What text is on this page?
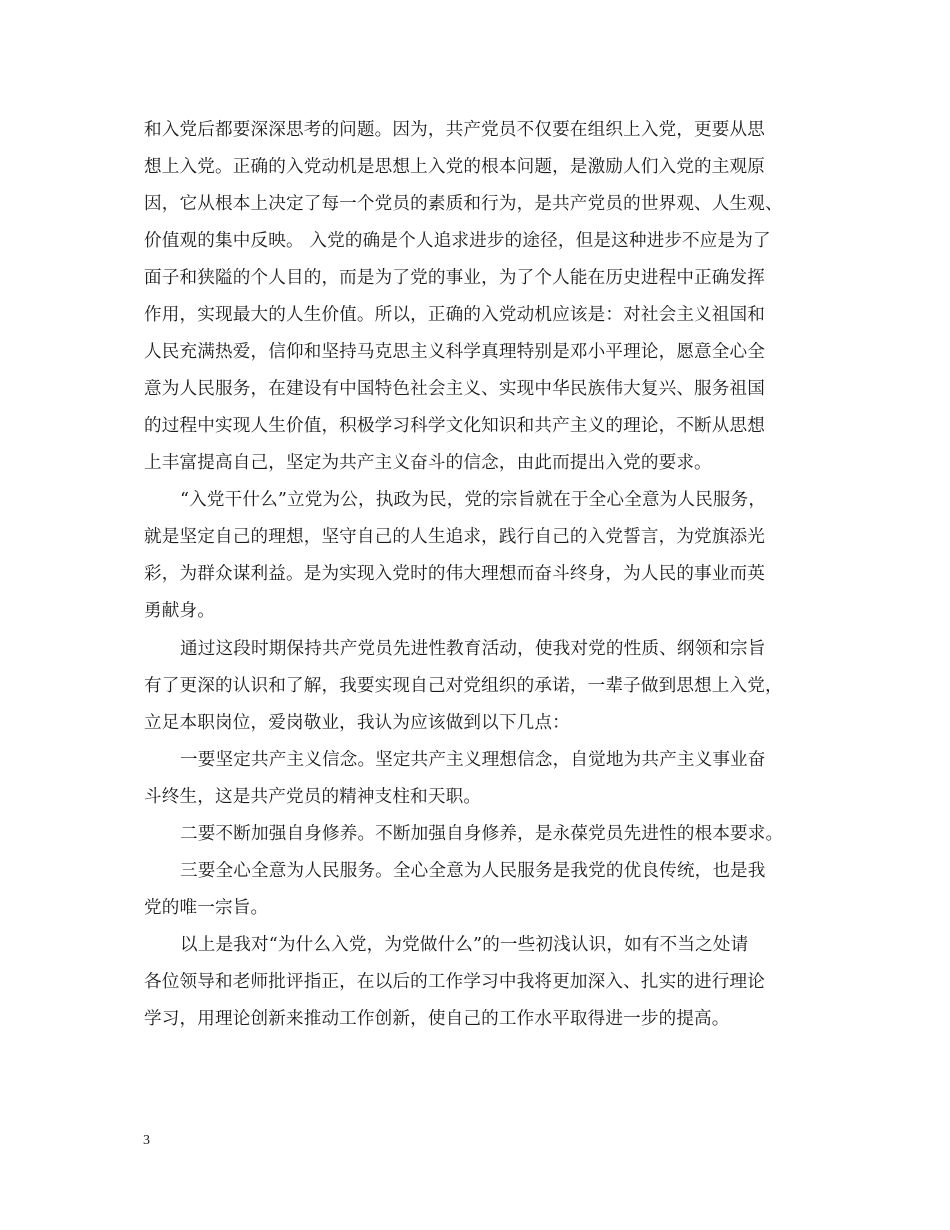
和入党后都要深深思考的问题。因为，共产党员不仅要在组织上入党，更要从思
想上入党。正确的入党动机是思想上入党的根本问题，是激励人们入党的主观原
因，它从根本上决定了每一个党员的素质和行为，是共产党员的世界观、人生观、
价值观的集中反映。 入党的确是个人追求进步的途径，但是这种进步不应是为了
面子和狭隘的个人目的，而是为了党的事业，为了个人能在历史进程中正确发挥
作用，实现最大的人生价值。所以，正确的入党动机应该是：对社会主义祖国和
人民充满热爱，信仰和坚持马克思主义科学真理特别是邓小平理论，愿意全心全
意为人民服务，在建设有中国特色社会主义、实现中华民族伟大复兴、服务祖国
的过程中实现人生价值，积极学习科学文化知识和共产主义的理论，不断从思想
上丰富提高自己，坚定为共产主义奋斗的信念，由此而提出入党的要求。
“入党干什么”立党为公，执政为民，党的宗旨就在于全心全意为人民服务，
就是坚定自己的理想，坚守自己的人生追求，践行自己的入党誓言，为党旗添光
彩，为群众谋利益。是为实现入党时的伟大理想而奋斗终身，为人民的事业而英
勇献身。
通过这段时期保持共产党员先进性教育活动，使我对党的性质、纲领和宗旨
有了更深的认识和了解，我要实现自己对党组织的承诺，一辈子做到思想上入党，
立足本职岗位，爱岗敬业，我认为应该做到以下几点：
一要坚定共产主义信念。坚定共产主义理想信念，自觉地为共产主义事业奋
斗终生，这是共产党员的精神支柱和天职。
二要不断加强自身修养。不断加强自身修养，是永葆党员先进性的根本要求。
三要全心全意为人民服务。全心全意为人民服务是我党的优良传统，也是我
党的唯一宗旨。
以上是我对“为什么入党，为党做什么”的一些初浅认识，如有不当之处请
各位领导和老师批评指正，在以后的工作学习中我将更加深入、扎实的进行理论
学习，用理论创新来推动工作创新，使自己的工作水平取得进一步的提高。
3
